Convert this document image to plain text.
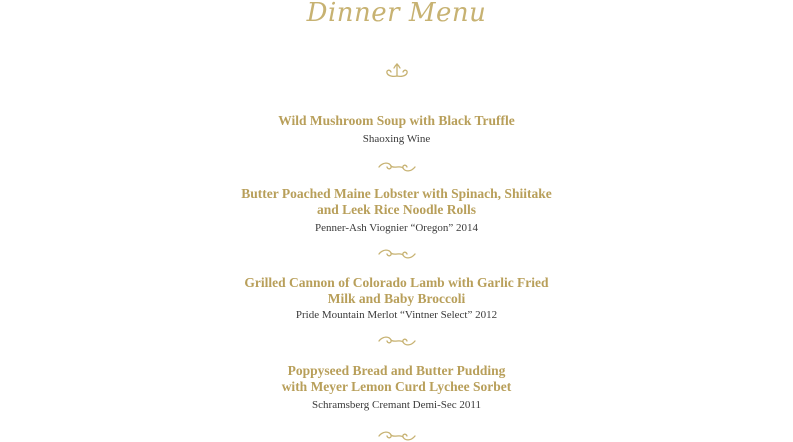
Dinner Menu
Wild Mushroom Soup with Black Truffle
Shaoxing Wine
Butter Poached Maine Lobster with Spinach, Shiitake
and Leek Rice Noodle Rolls
Penner-Ash Viognier “Oregon” 2014
Grilled Cannon of Colorado Lamb with Garlic Fried
Milk and Baby Broccoli
Pride Mountain Merlot “Vintner Select” 2012
Poppyseed Bread and Butter Pudding
with Meyer Lemon Curd Lychee Sorbet
Schramsberg Cremant Demi-Sec 2011
